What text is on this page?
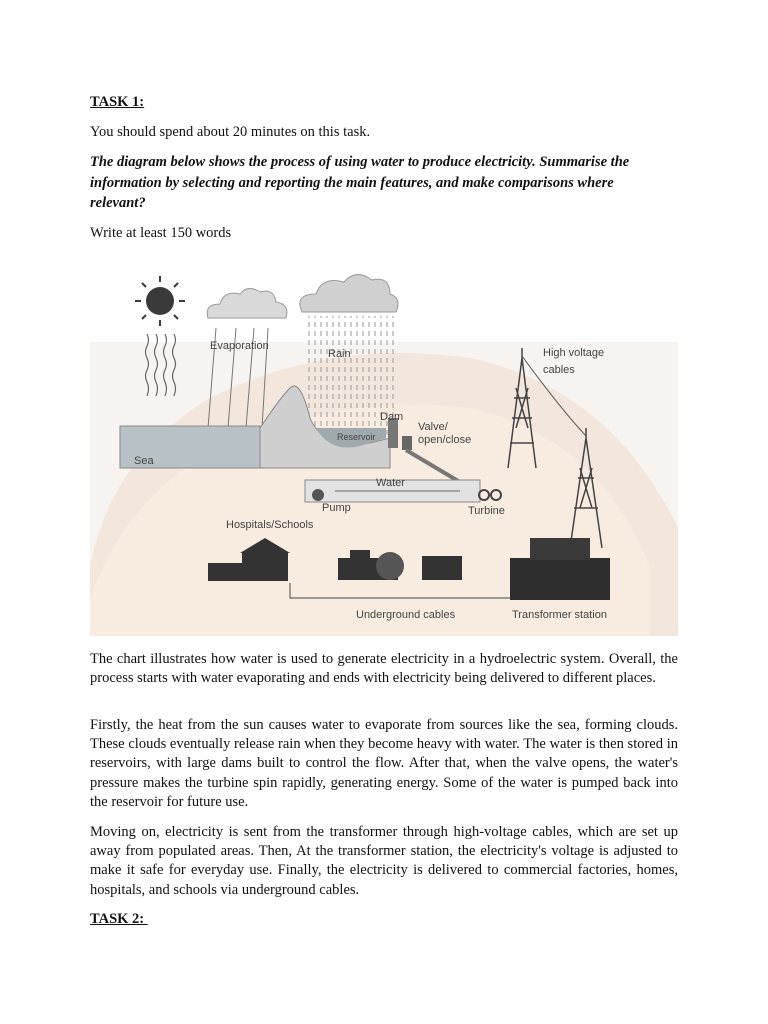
TASK 1:
You should spend about 20 minutes on this task.
The diagram below shows the process of using water to produce electricity. Summarise the information by selecting and reporting the main features, and make comparisons where relevant?
Write at least 150 words
Evaporation
Rain
Sea
Dam
Reservoir
Valve/
open/close
High voltage
cables
Water
Pump	Turbine
Hospitals/Schools
Underground cables	Transformer station
The chart illustrates how water is used to generate electricity in a hydroelectric system. Overall, the process starts with water evaporating and ends with electricity being delivered to different places.
Firstly, the heat from the sun causes water to evaporate from sources like the sea, forming clouds. These clouds eventually release rain when they become heavy with water. The water is then stored in reservoirs, with large dams built to control the flow. After that, when the valve opens, the water's pressure makes the turbine spin rapidly, generating energy. Some of the water is pumped back into the reservoir for future use.
Moving on, electricity is sent from the transformer through high-voltage cables, which are set up away from populated areas. Then, At the transformer station, the electricity's voltage is adjusted to make it safe for everyday use. Finally, the electricity is delivered to commercial factories, homes, hospitals, and schools via underground cables.
TASK 2:
